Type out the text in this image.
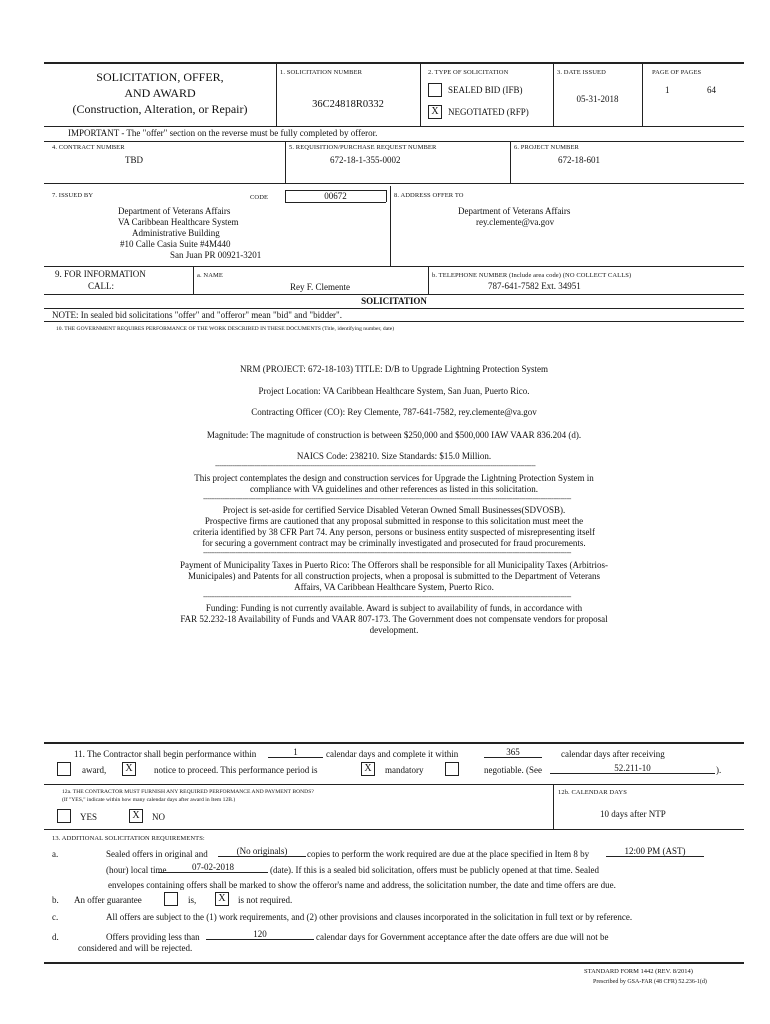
SOLICITATION, OFFER,
AND AWARD
(Construction, Alteration, or Repair)
1. SOLICITATION NUMBER
36C24818R0332
2. TYPE OF SOLICITATION
SEALED BID (IFB)
X	NEGOTIATED (RFP)
3. DATE ISSUED
05-31-2018
PAGE OF PAGES
1	64
IMPORTANT - The "offer" section on the reverse must be fully completed by offeror.
4. CONTRACT NUMBER
TBD
5. REQUISITION/PURCHASE REQUEST NUMBER
672-18-1-355-0002
6. PROJECT NUMBER
672-18-601
7. ISSUED BY	CODE	00672
Department of Veterans Affairs
VA Caribbean Healthcare System
Administrative Building
#10 Calle Casia Suite #4M440
San Juan PR 00921-3201
8. ADDRESS OFFER TO
Department of Veterans Affairs
rey.clemente@va.gov
9. FOR INFORMATION
CALL:
a. NAME
Rey F. Clemente
b. TELEPHONE NUMBER (Include area code) (NO COLLECT CALLS)
787-641-7582 Ext. 34951
SOLICITATION
NOTE: In sealed bid solicitations "offer" and "offeror" mean "bid" and "bidder".
10. THE GOVERNMENT REQUIRES PERFORMANCE OF THE WORK DESCRIBED IN THESE DOCUMENTS (Title, identifying number, date)
NRM (PROJECT: 672-18-103) TITLE: D/B to Upgrade Lightning Protection System
Project Location: VA Caribbean Healthcare System, San Juan, Puerto Rico.
Contracting Officer (CO): Rey Clemente, 787-641-7582, rey.clemente@va.gov
Magnitude: The magnitude of construction is between $250,000 and $500,000 IAW VAAR 836.204 (d).
NAICS Code: 238210. Size Standards: $15.0 Million.
----------------------------------------------------------------------------------------------------------------------------------------------------
This project contemplates the design and construction services for Upgrade the Lightning Protection System in
compliance with VA guidelines and other references as listed in this solicitation.
--------------------------------------------------------------------------------------------------------------------------------------------------------------------------
Project is set-aside for certified Service Disabled Veteran Owned Small Businesses(SDVOSB).
Prospective firms are cautioned that any proposal submitted in response to this solicitation must meet the
criteria identified by 38 CFR Part 74. Any person, persons or business entity suspected of misrepresenting itself
for securing a government contract may be criminally investigated and prosecuted for fraud procurements.
--------------------------------------------------------------------------------------------------------------------------------------------------------------------------
Payment of Municipality Taxes in Puerto Rico: The Offerors shall be responsible for all Municipality Taxes (Arbitrios-
Municipales) and Patents for all construction projects, when a proposal is submitted to the Department of Veterans
Affairs, VA Caribbean Healthcare System, Puerto Rico.
--------------------------------------------------------------------------------------------------------------------------------------------------------------------------
Funding: Funding is not currently available. Award is subject to availability of funds, in accordance with
FAR 52.232-18 Availability of Funds and VAAR 807-173. The Government does not compensate vendors for proposal
development.
11. The Contractor shall begin performance within	1	calendar days and complete it within	365	calendar days after receiving
award,	X	notice to proceed. This performance period is	X	mandatory	negotiable. (See	52.211-10	).
12a. THE CONTRACTOR MUST FURNISH ANY REQUIRED PERFORMANCE AND PAYMENT BONDS?
(If "YES," indicate within how many calendar days after award in Item 12B.)
YES	X	NO
12b. CALENDAR DAYS
10 days after NTP
13. ADDITIONAL SOLICITATION REQUIREMENTS:
a.	Sealed offers in original and	(No originals)	copies to perform the work required are due at the place specified in Item 8 by	12:00 PM (AST)
(hour) local time	07-02-2018	(date). If this is a sealed bid solicitation, offers must be publicly opened at that time. Sealed
envelopes containing offers shall be marked to show the offeror's name and address, the solicitation number, the date and time offers are due.
b. An offer guarantee	is,	X	is not required.
c.	All offers are subject to the (1) work requirements, and (2) other provisions and clauses incorporated in the solicitation in full text or by reference.
d.	Offers providing less than	120	calendar days for Government acceptance after the date offers are due will not be
considered and will be rejected.
STANDARD FORM 1442 (REV. 8/2014)
Prescribed by GSA-FAR (48 CFR) 52.236-1(d)
